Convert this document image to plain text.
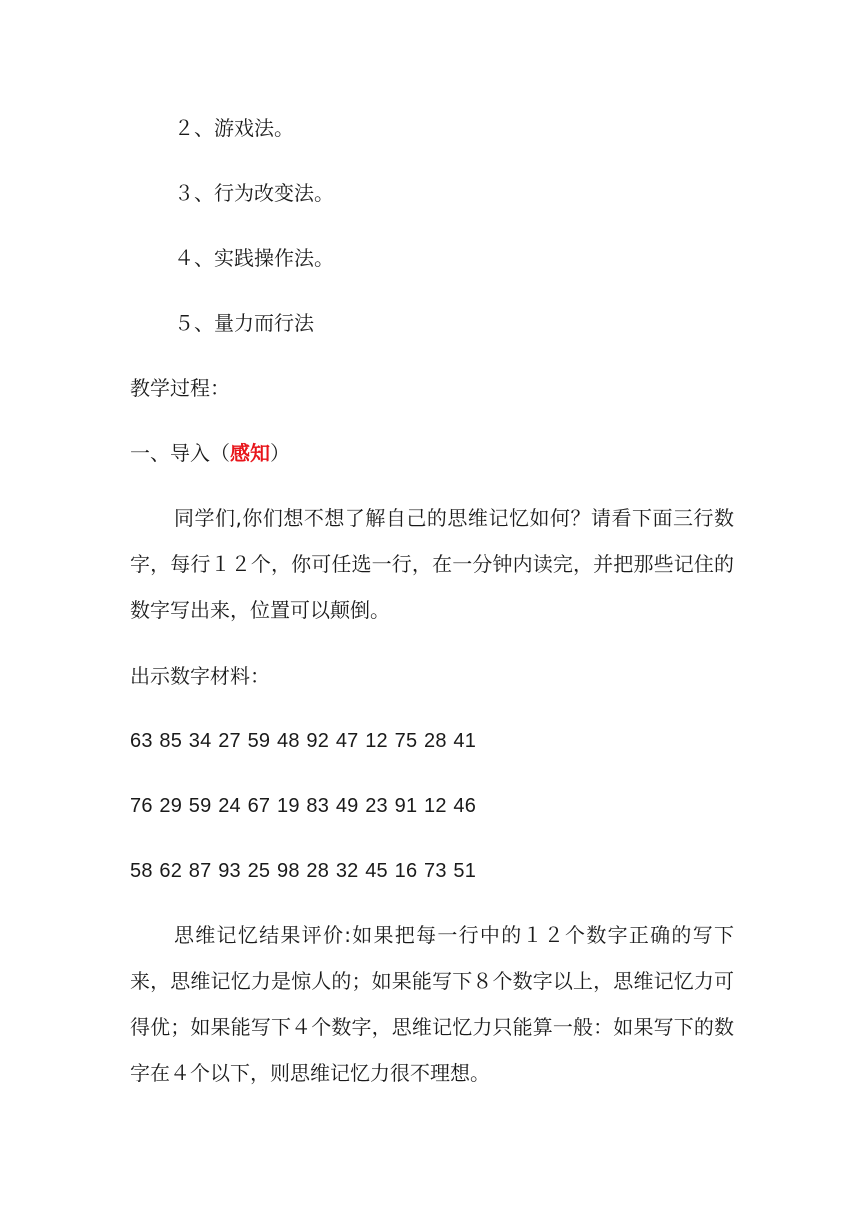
２、游戏法。
３、行为改变法。
４、实践操作法。
５、量力而行法
教学过程：
一、导入（感知）
同学们,你们想不想了解自己的思维记忆如何？请看下面三行数字，每行１２个，你可任选一行，在一分钟内读完，并把那些记住的数字写出来，位置可以颠倒。
出示数字材料：
63 85 34 27 59 48 92 47 12 75 28 41
76 29 59 24 67 19 83 49 23 91 12 46
58 62 87 93 25 98 28 32 45 16 73 51
思维记忆结果评价:如果把每一行中的１２个数字正确的写下来，思维记忆力是惊人的；如果能写下８个数字以上，思维记忆力可得优；如果能写下４个数字，思维记忆力只能算一般：如果写下的数字在４个以下，则思维记忆力很不理想。
